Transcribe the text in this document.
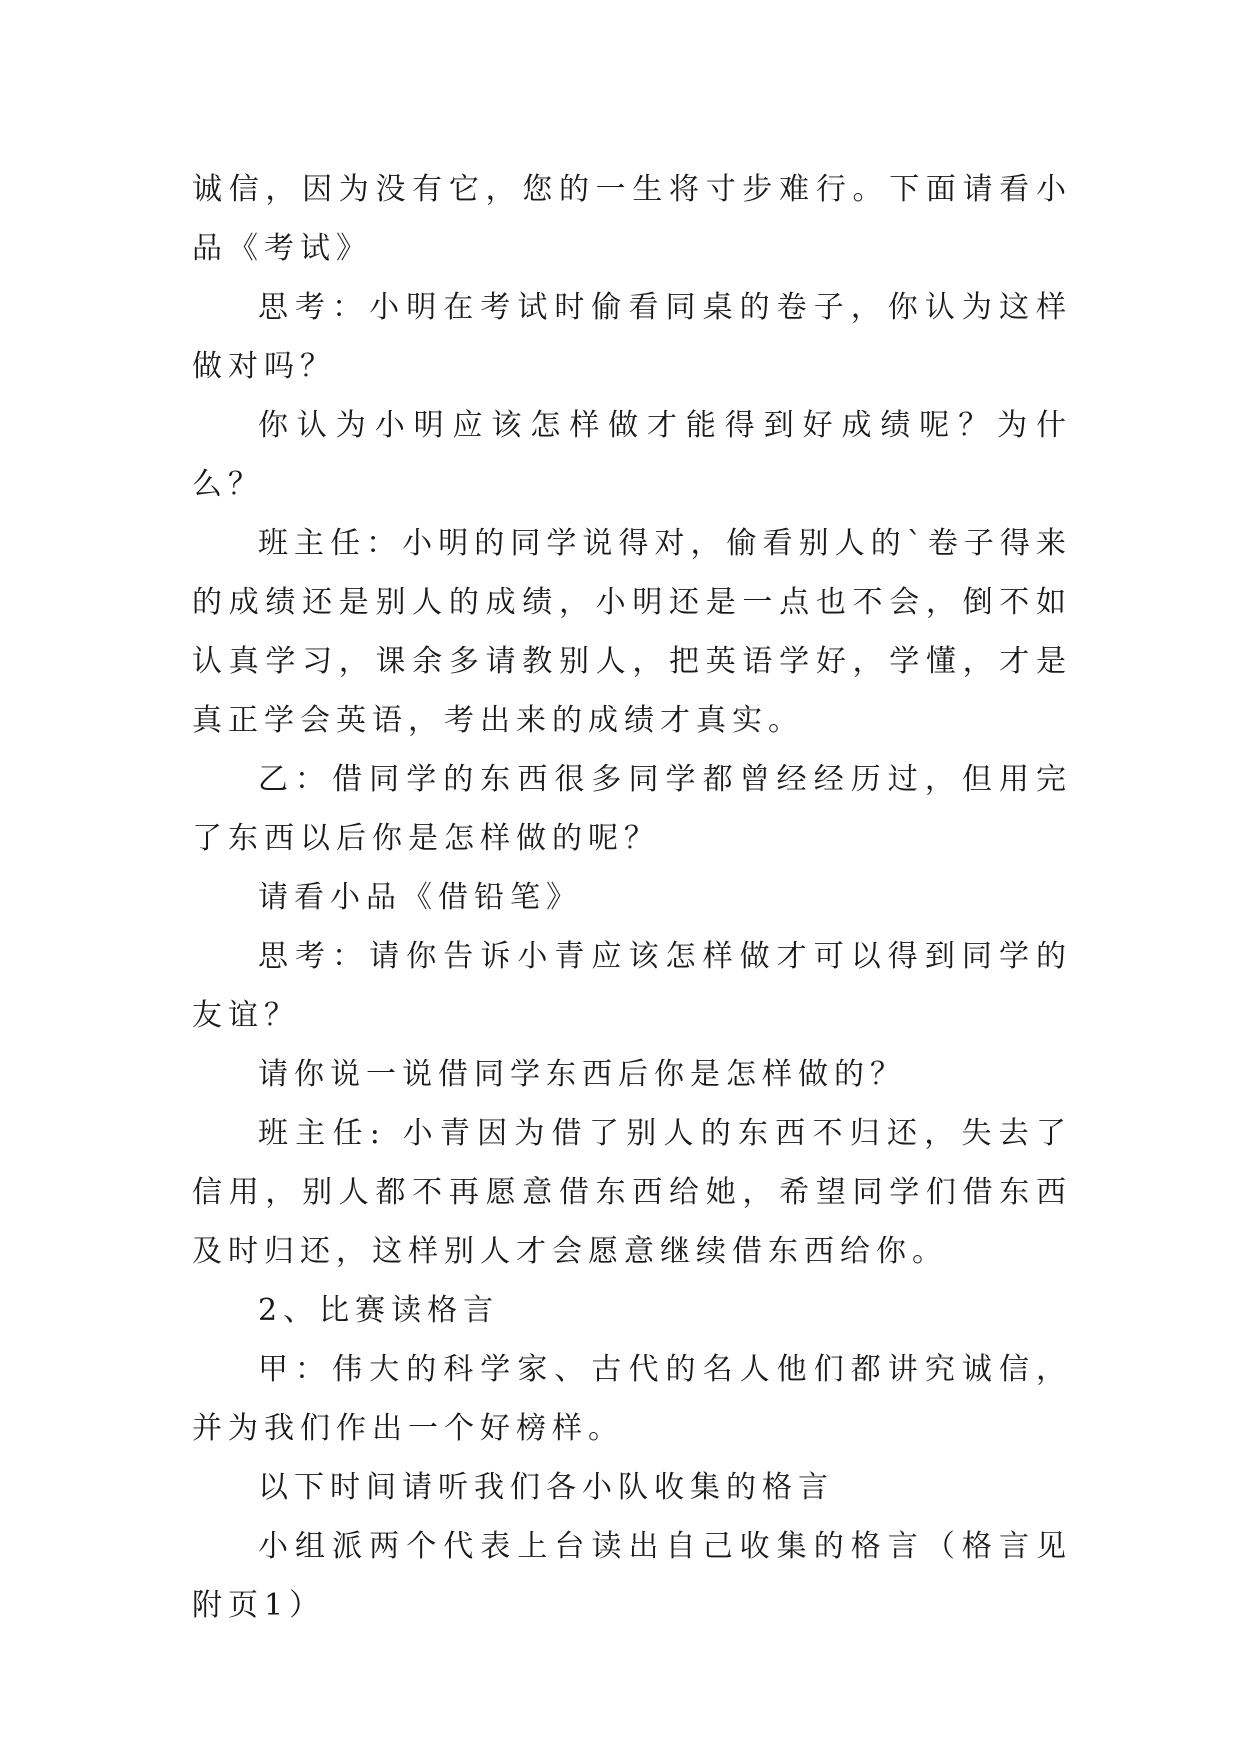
诚信，因为没有它，您的一生将寸步难行。下面请看小品《考试》

思考：小明在考试时偷看同桌的卷子，你认为这样做对吗？

你认为小明应该怎样做才能得到好成绩呢？为什么？

班主任：小明的同学说得对，偷看别人的`卷子得来的成绩还是别人的成绩，小明还是一点也不会，倒不如认真学习，课余多请教别人，把英语学好，学懂，才是真正学会英语，考出来的成绩才真实。

乙：借同学的东西很多同学都曾经经历过，但用完了东西以后你是怎样做的呢？

请看小品《借铅笔》

思考：请你告诉小青应该怎样做才可以得到同学的友谊？

请你说一说借同学东西后你是怎样做的？

班主任: 小青因为借了别人的东西不归还，失去了信用，别人都不再愿意借东西给她，希望同学们借东西及时归还，这样别人才会愿意继续借东西给你。

2、比赛读格言

甲：伟大的科学家、古代的名人他们都讲究诚信，并为我们作出一个好榜样。

以下时间请听我们各小队收集的格言

小组派两个代表上台读出自己收集的格言（格言见附页1）
